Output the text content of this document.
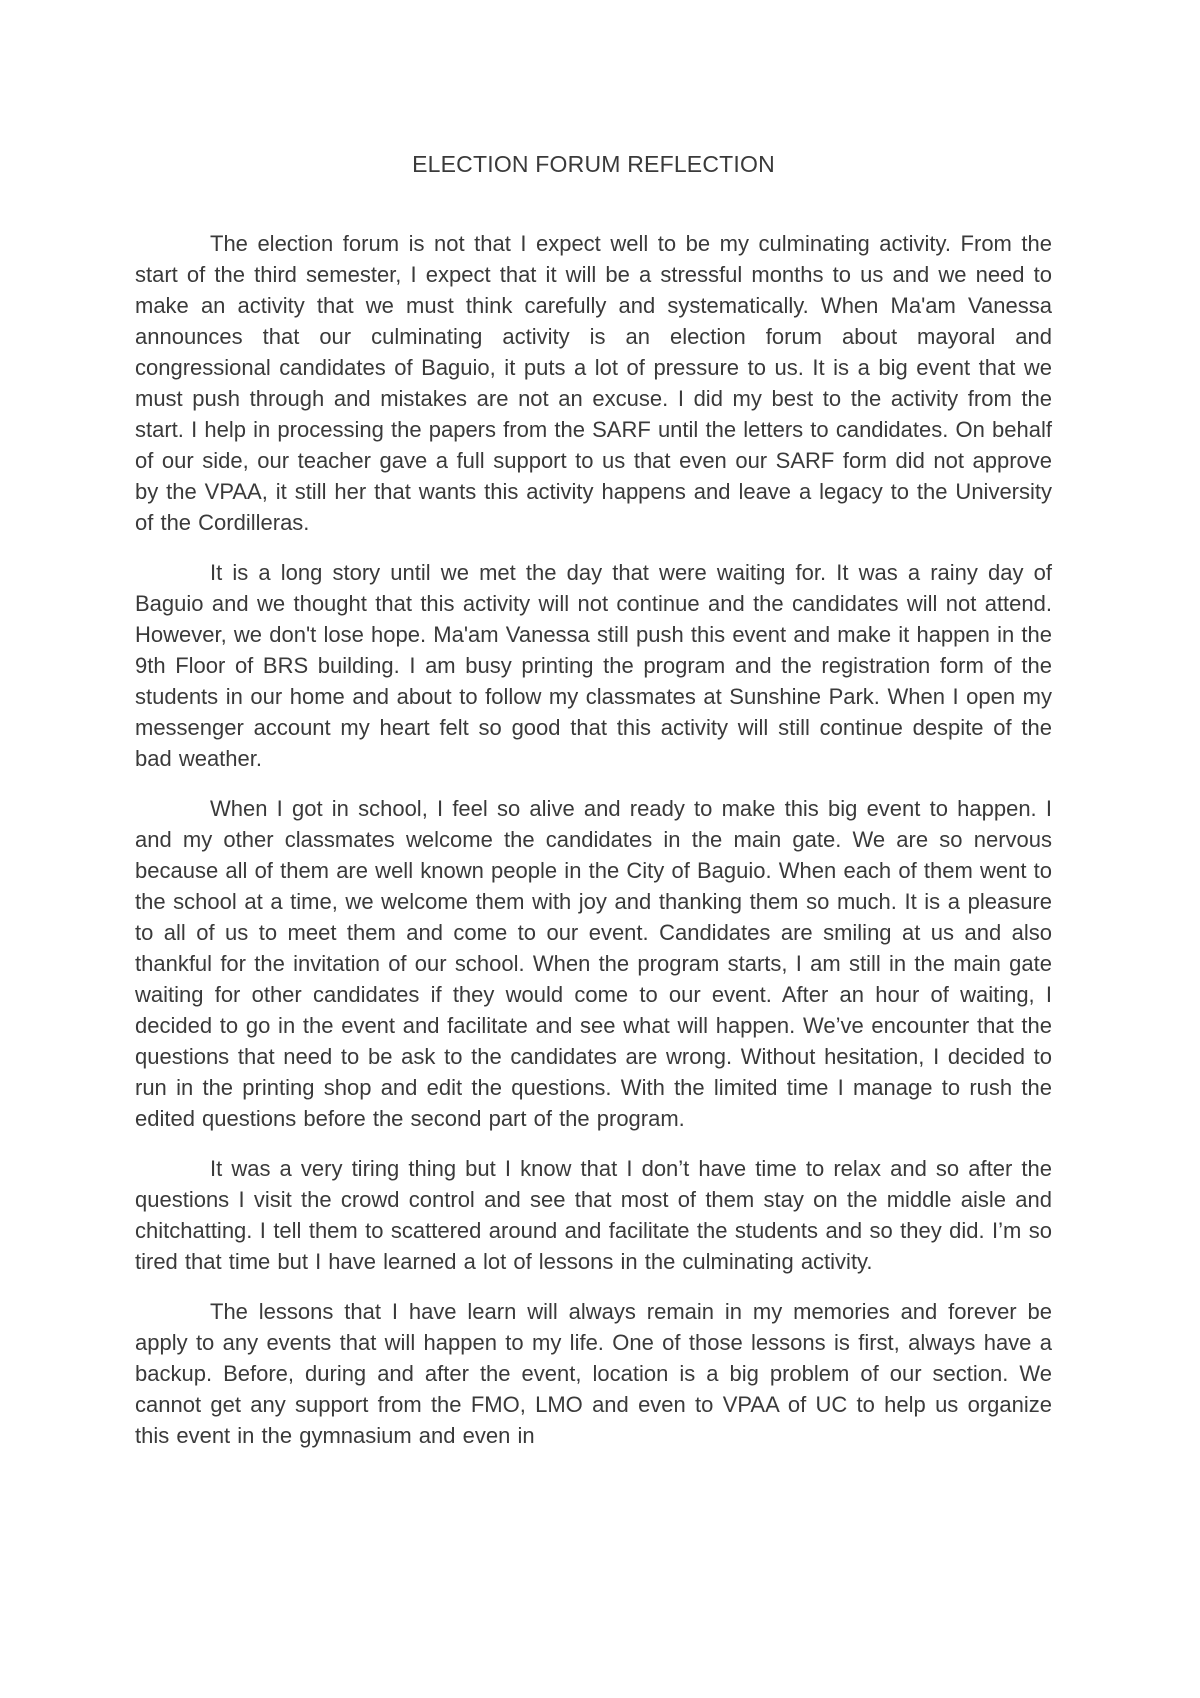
ELECTION FORUM REFLECTION

The election forum is not that I expect well to be my culminating activity. From the start of the third semester, I expect that it will be a stressful months to us and we need to make an activity that we must think carefully and systematically. When Ma'am Vanessa announces that our culminating activity is an election forum about mayoral and congressional candidates of Baguio, it puts a lot of pressure to us. It is a big event that we must push through and mistakes are not an excuse. I did my best to the activity from the start. I help in processing the papers from the SARF until the letters to candidates. On behalf of our side, our teacher gave a full support to us that even our SARF form did not approve by the VPAA, it still her that wants this activity happens and leave a legacy to the University of the Cordilleras.

It is a long story until we met the day that were waiting for. It was a rainy day of Baguio and we thought that this activity will not continue and the candidates will not attend. However, we don't lose hope. Ma'am Vanessa still push this event and make it happen in the 9th Floor of BRS building. I am busy printing the program and the registration form of the students in our home and about to follow my classmates at Sunshine Park. When I open my messenger account my heart felt so good that this activity will still continue despite of the bad weather.

When I got in school, I feel so alive and ready to make this big event to happen. I and my other classmates welcome the candidates in the main gate. We are so nervous because all of them are well known people in the City of Baguio. When each of them went to the school at a time, we welcome them with joy and thanking them so much. It is a pleasure to all of us to meet them and come to our event. Candidates are smiling at us and also thankful for the invitation of our school. When the program starts, I am still in the main gate waiting for other candidates if they would come to our event. After an hour of waiting, I decided to go in the event and facilitate and see what will happen. We’ve encounter that the questions that need to be ask to the candidates are wrong. Without hesitation, I decided to run in the printing shop and edit the questions. With the limited time I manage to rush the edited questions before the second part of the program.

It was a very tiring thing but I know that I don’t have time to relax and so after the questions I visit the crowd control and see that most of them stay on the middle aisle and chitchatting. I tell them to scattered around and facilitate the students and so they did. I’m so tired that time but I have learned a lot of lessons in the culminating activity.

The lessons that I have learn will always remain in my memories and forever be apply to any events that will happen to my life. One of those lessons is first, always have a backup. Before, during and after the event, location is a big problem of our section. We cannot get any support from the FMO, LMO and even to VPAA of UC to help us organize this event in the gymnasium and even in
